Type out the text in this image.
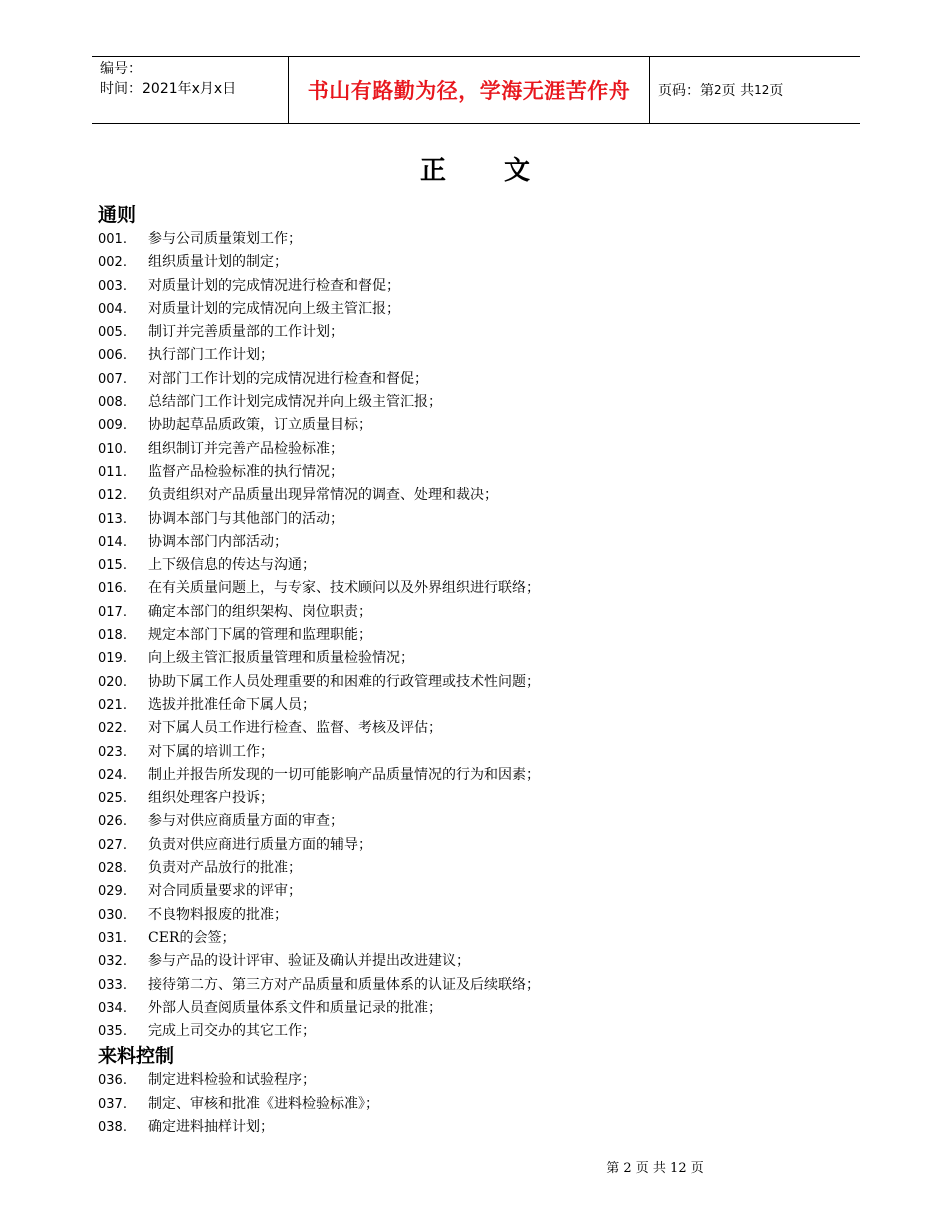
编号：
时间：2021年x月x日	书山有路勤为径，学海无涯苦作舟 页码：第 2 页 共 12 页
正文
通则
001. 参与公司质量策划工作；
002. 组织质量计划的制定；
003. 对质量计划的完成情况进行检查和督促；
004. 对质量计划的完成情况向上级主管汇报；
005. 制订并完善质量部的工作计划；
006. 执行部门工作计划；
007. 对部门工作计划的完成情况进行检查和督促；
008. 总结部门工作计划完成情况并向上级主管汇报；
009. 协助起草品质政策，订立质量目标；
010. 组织制订并完善产品检验标准；
011. 监督产品检验标准的执行情况；
012. 负责组织对产品质量出现异常情况的调查、处理和裁决；
013. 协调本部门与其他部门的活动；
014. 协调本部门内部活动；
015. 上下级信息的传达与沟通；
016. 在有关质量问题上，与专家、技术顾问以及外界组织进行联络；
017. 确定本部门的组织架构、岗位职责；
018. 规定本部门下属的管理和监理职能；
019. 向上级主管汇报质量管理和质量检验情况；
020. 协助下属工作人员处理重要的和困难的行政管理或技术性问题；
021. 选拔并批准任命下属人员；
022. 对下属人员工作进行检查、监督、考核及评估；
023. 对下属的培训工作；
024. 制止并报告所发现的一切可能影响产品质量情况的行为和因素；
025. 组织处理客户投诉；
026. 参与对供应商质量方面的审查；
027. 负责对供应商进行质量方面的辅导；
028. 负责对产品放行的批准；
029. 对合同质量要求的评审；
030. 不良物料报废的批准；
031. CER的会签；
032. 参与产品的设计评审、验证及确认并提出改进建议；
033. 接待第二方、第三方对产品质量和质量体系的认证及后续联络；
034. 外部人员查阅质量体系文件和质量记录的批准；
035. 完成上司交办的其它工作；
来料控制
036. 制定进料检验和试验程序；
037. 制定、审核和批准《进料检验标准》；
038. 确定进料抽样计划；
第 2 页 共 12 页
